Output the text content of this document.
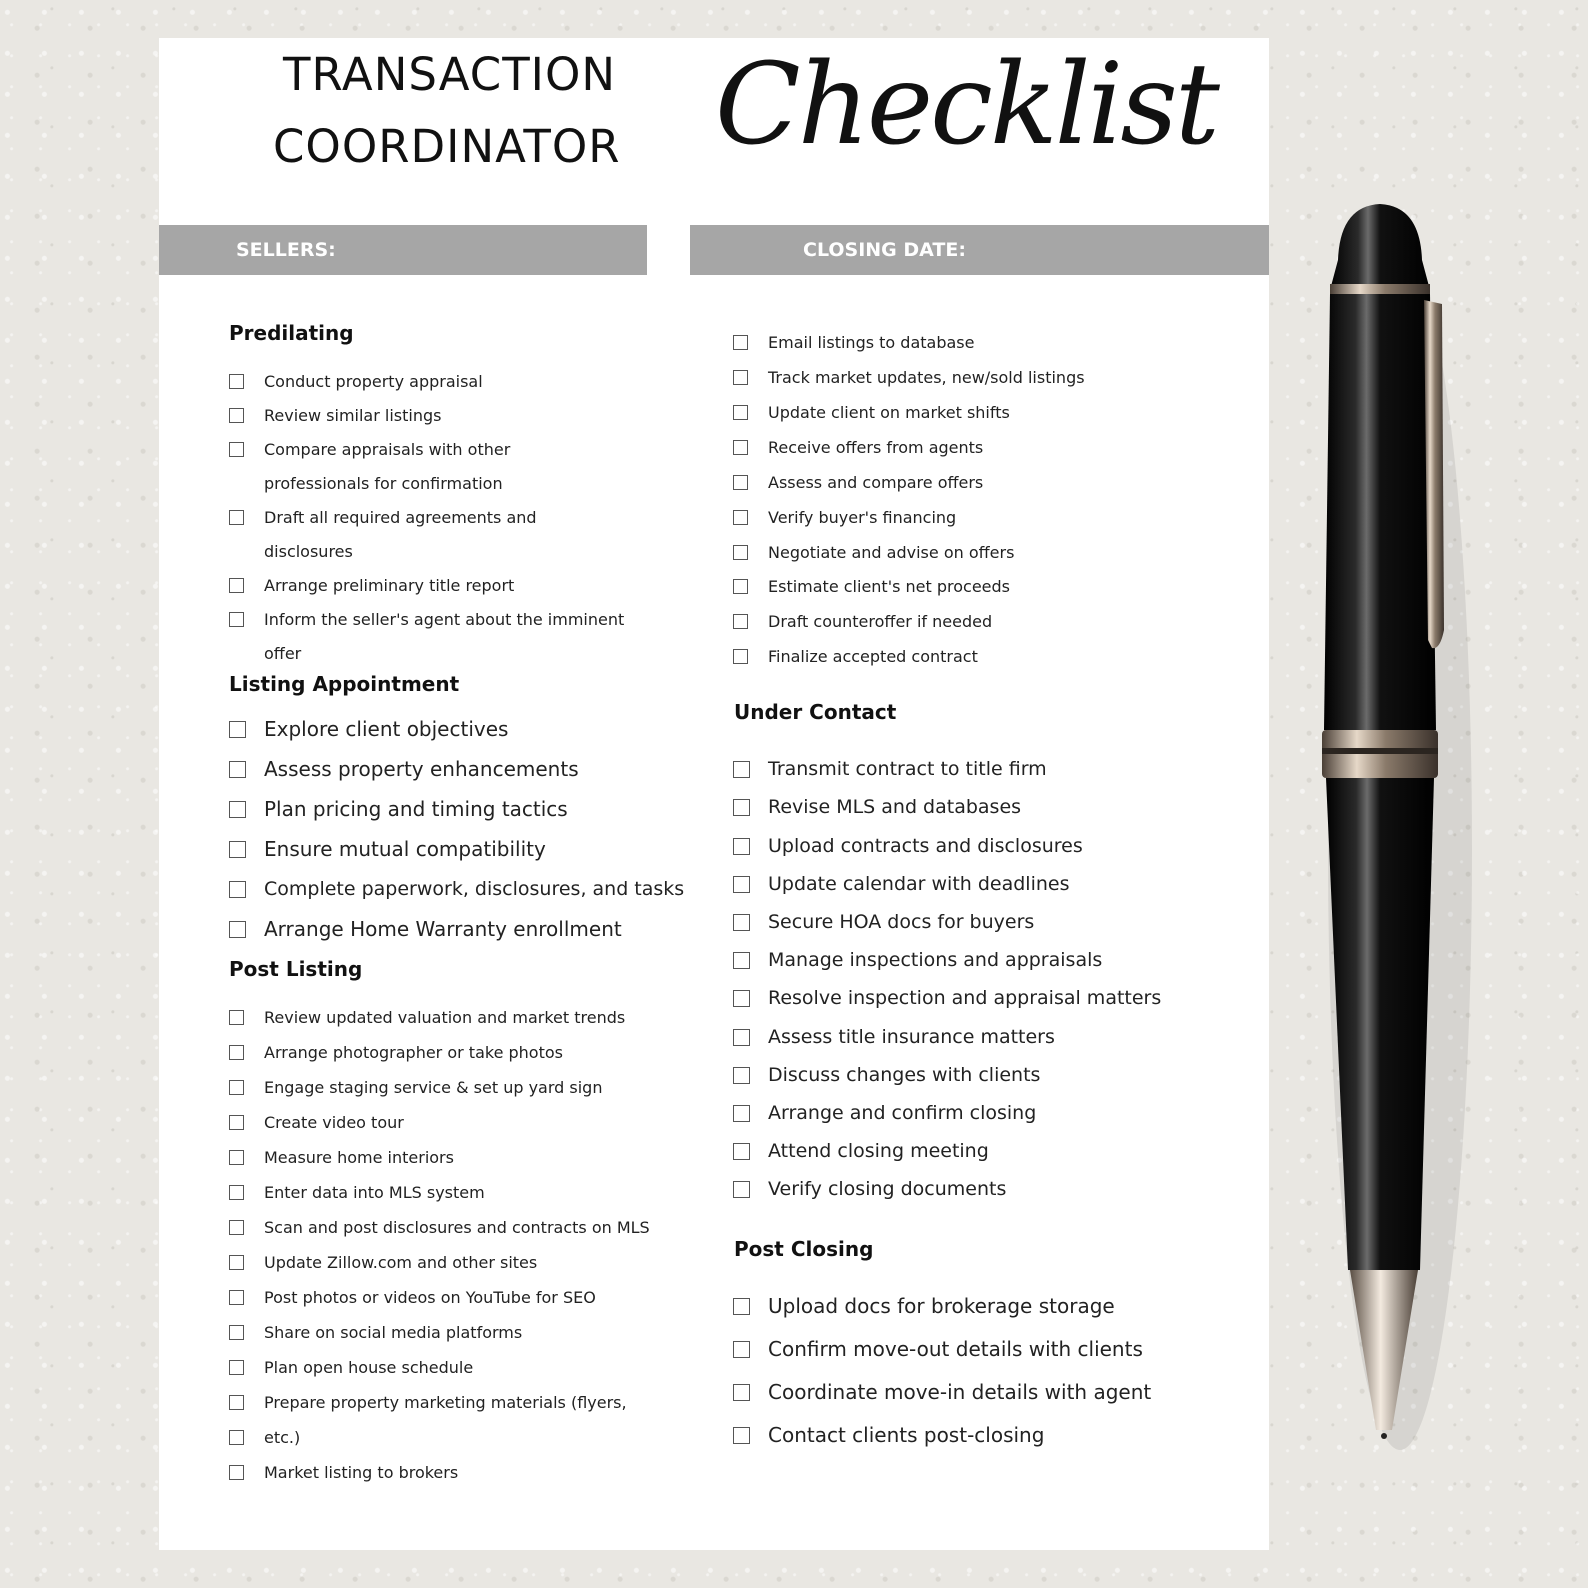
TRANSACTION
COORDINATOR Checklist
SELLERS:	CLOSING DATE:
Predilating
Conduct property appraisal
Review similar listings
Compare appraisals with other
professionals for confirmation
Draft all required agreements and
disclosures
Arrange preliminary title report
Inform the seller's agent about the imminent
offer
Listing Appointment
Explore client objectives
Assess property enhancements
Plan pricing and timing tactics
Ensure mutual compatibility
Complete paperwork, disclosures, and tasks
Arrange Home Warranty enrollment
Post Listing
Review updated valuation and market trends
Arrange photographer or take photos
Engage staging service & set up yard sign
Create video tour
Measure home interiors
Enter data into MLS system
Scan and post disclosures and contracts on MLS
Update Zillow.com and other sites
Post photos or videos on YouTube for SEO
Share on social media platforms
Plan open house schedule
Prepare property marketing materials (flyers,
etc.)
Market listing to brokers
Email listings to database
Track market updates, new/sold listings
Update client on market shifts
Receive offers from agents
Assess and compare offers
Verify buyer's financing
Negotiate and advise on offers
Estimate client's net proceeds
Draft counteroffer if needed
Finalize accepted contract
Under Contact
Transmit contract to title firm
Revise MLS and databases
Upload contracts and disclosures
Update calendar with deadlines
Secure HOA docs for buyers
Manage inspections and appraisals
Resolve inspection and appraisal matters
Assess title insurance matters
Discuss changes with clients
Arrange and confirm closing
Attend closing meeting
Verify closing documents
Post Closing
Upload docs for brokerage storage
Confirm move-out details with clients
Coordinate move-in details with agent
Contact clients post-closing
